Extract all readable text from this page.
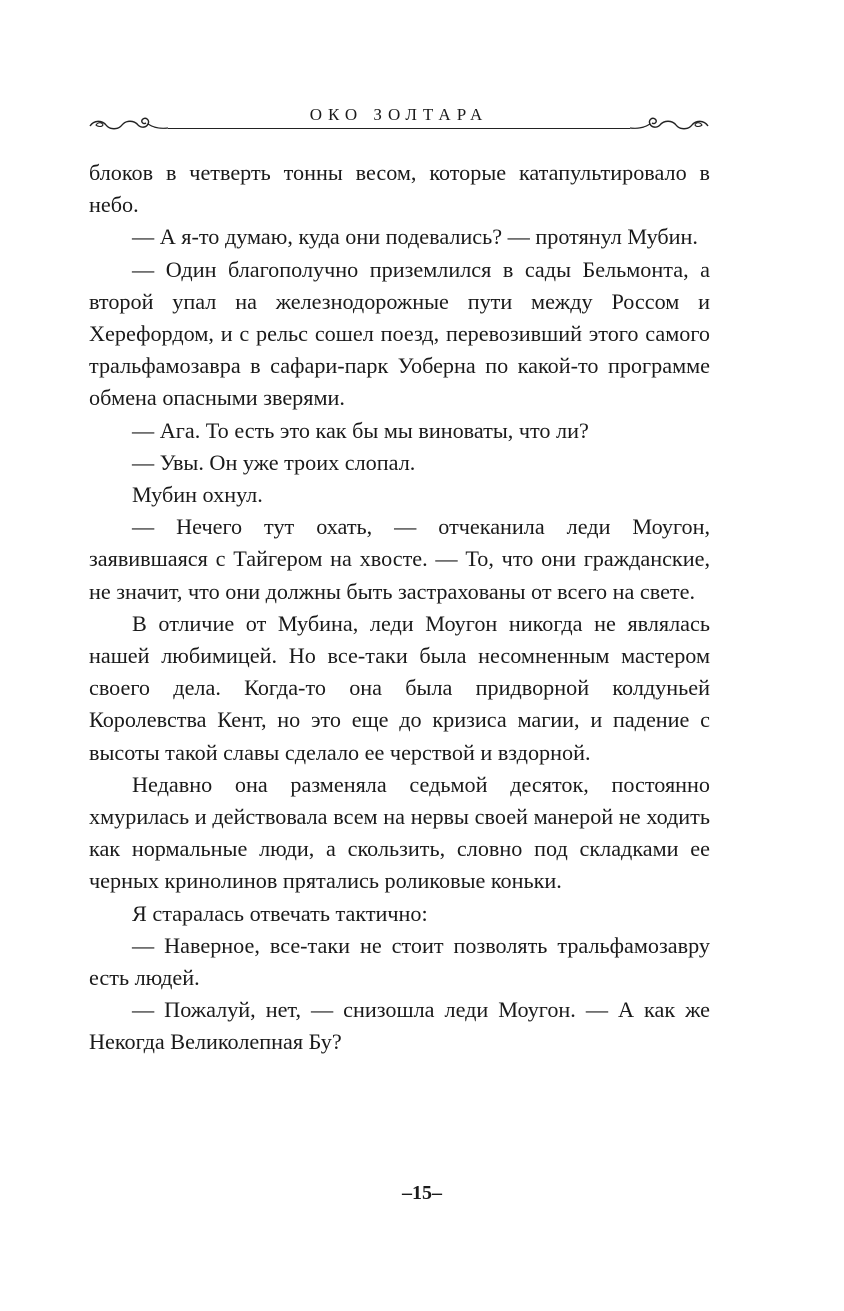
ОКО ЗОЛТАРА

блоков в четверть тонны весом, которые катапультировало в небо.

— А я-то думаю, куда они подевались? — протянул Мубин.

— Один благополучно приземлился в сады Бельмонта, а второй упал на железнодорожные пути между Россом и Херефордом, и с рельс сошел поезд, перевозивший этого самого тральфамозавра в сафари-парк Уоберна по какой-то программе обмена опасными зверями.

— Ага. То есть это как бы мы виноваты, что ли?

— Увы. Он уже троих слопал.

Мубин охнул.

— Нечего тут охать, — отчеканила леди Моугон, заявившаяся с Тайгером на хвосте. — То, что они гражданские, не значит, что они должны быть застрахованы от всего на свете.

В отличие от Мубина, леди Моугон никогда не являлась нашей любимицей. Но все-таки была несомненным мастером своего дела. Когда-то она была придворной колдуньей Королевства Кент, но это еще до кризиса магии, и падение с высоты такой славы сделало ее черствой и вздорной.

Недавно она разменяла седьмой десяток, постоянно хмурилась и действовала всем на нервы своей манерой не ходить как нормальные люди, а скользить, словно под складками ее черных кринолинов прятались роликовые коньки.

Я старалась отвечать тактично:

— Наверное, все-таки не стоит позволять тральфамозавру есть людей.

— Пожалуй, нет, — снизошла леди Моугон. — А как же Некогда Великолепная Бу?

–15–
